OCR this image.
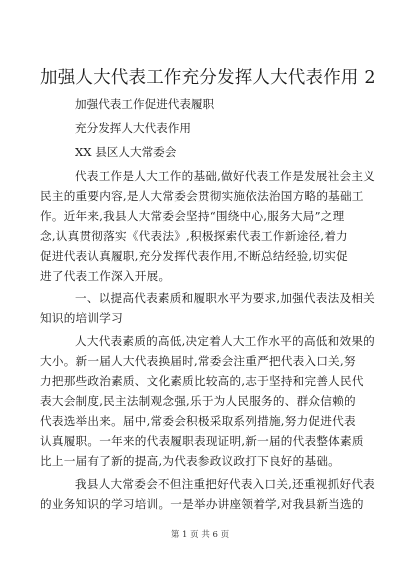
加强人大代表工作充分发挥人大代表作用 2
加强代表工作促进代表履职
充分发挥人大代表作用
XX 县区人大常委会
代表工作是人大工作的基础,做好代表工作是发展社会主义
民主的重要内容,是人大常委会贯彻实施依法治国方略的基础工
作。近年来,我县人大常委会坚持“围绕中心,服务大局”之理
念,认真贯彻落实《代表法》,积极探索代表工作新途径,着力
促进代表认真履职,充分发挥代表作用,不断总结经验,切实促
进了代表工作深入开展。
一、以提高代表素质和履职水平为要求,加强代表法及相关
知识的培训学习
人大代表素质的高低,决定着人大工作水平的高低和效果的
大小。新一届人大代表换届时,常委会注重严把代表入口关,努
力把那些政治素质、文化素质比较高的,志于坚持和完善人民代
表大会制度,民主法制观念强,乐于为人民服务的、群众信赖的
代表选举出来。届中,常委会积极采取系列措施,努力促进代表
认真履职。一年来的代表履职表现证明,新一届的代表整体素质
比上一届有了新的提高,为代表参政议政打下良好的基础。
我县人大常委会不但注重把好代表入口关,还重视抓好代表
的业务知识的学习培训。一是举办讲座领着学,对我县新当选的
第 1 页 共 6 页
